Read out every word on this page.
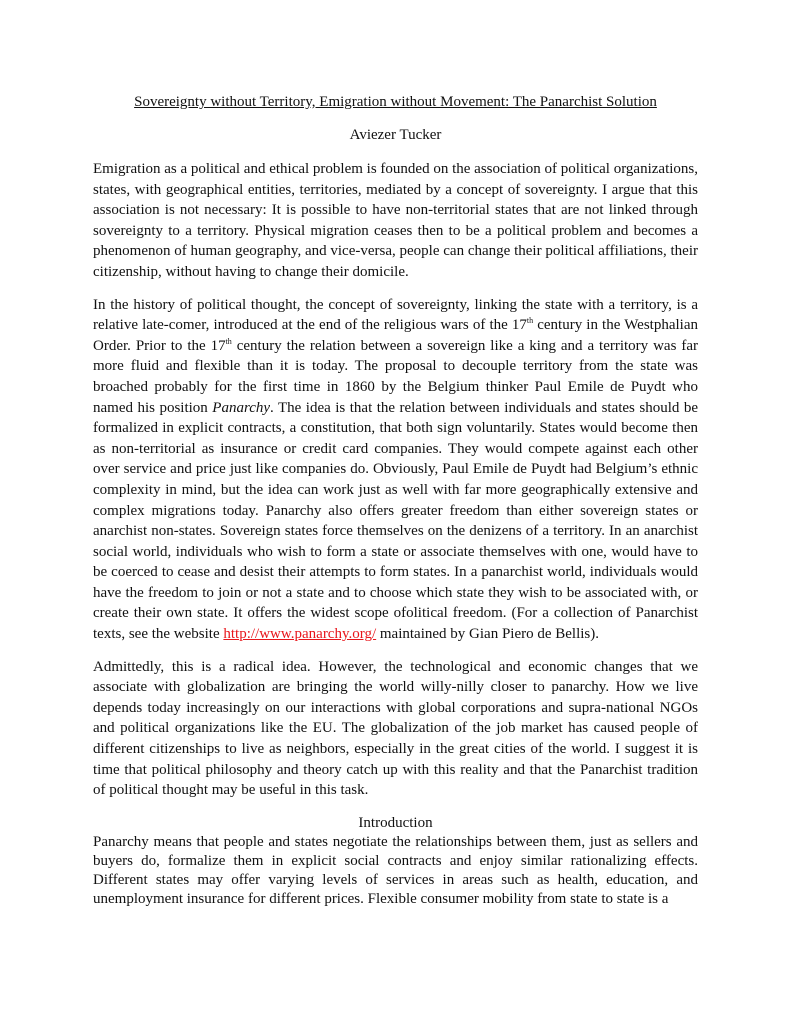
Sovereignty without Territory, Emigration without Movement: The Panarchist Solution

Aviezer Tucker

Emigration as a political and ethical problem is founded on the association of political organizations, states, with geographical entities, territories, mediated by a concept of sovereignty. I argue that this association is not necessary: It is possible to have non-territorial states that are not linked through sovereignty to a territory. Physical migration ceases then to be a political problem and becomes a phenomenon of human geography, and vice-versa, people can change their political affiliations, their citizenship, without having to change their domicile.

In the history of political thought, the concept of sovereignty, linking the state with a territory, is a relative late-comer, introduced at the end of the religious wars of the 17th century in the Westphalian Order. Prior to the 17th century the relation between a sovereign like a king and a territory was far more fluid and flexible than it is today. The proposal to decouple territory from the state was broached probably for the first time in 1860 by the Belgium thinker Paul Emile de Puydt who named his position Panarchy. The idea is that the relation between individuals and states should be formalized in explicit contracts, a constitution, that both sign voluntarily. States would become then as non-territorial as insurance or credit card companies. They would compete against each other over service and price just like companies do. Obviously, Paul Emile de Puydt had Belgium’s ethnic complexity in mind, but the idea can work just as well with far more geographically extensive and complex migrations today. Panarchy also offers greater freedom than either sovereign states or anarchist non-states. Sovereign states force themselves on the denizens of a territory. In an anarchist social world, individuals who wish to form a state or associate themselves with one, would have to be coerced to cease and desist their attempts to form states. In a panarchist world, individuals would have the freedom to join or not a state and to choose which state they wish to be associated with, or create their own state. It offers the widest scope ofolitical freedom. (For a collection of Panarchist texts, see the website http://www.panarchy.org/ maintained by Gian Piero de Bellis).

Admittedly, this is a radical idea. However, the technological and economic changes that we associate with globalization are bringing the world willy-nilly closer to panarchy. How we live depends today increasingly on our interactions with global corporations and supra-national NGOs and political organizations like the EU. The globalization of the job market has caused people of different citizenships to live as neighbors, especially in the great cities of the world. I suggest it is time that political philosophy and theory catch up with this reality and that the Panarchist tradition of political thought may be useful in this task.

Introduction

Panarchy means that people and states negotiate the relationships between them, just as sellers and buyers do, formalize them in explicit social contracts and enjoy similar rationalizing effects. Different states may offer varying levels of services in areas such as health, education, and unemployment insurance for different prices. Flexible consumer mobility from state to state is a
